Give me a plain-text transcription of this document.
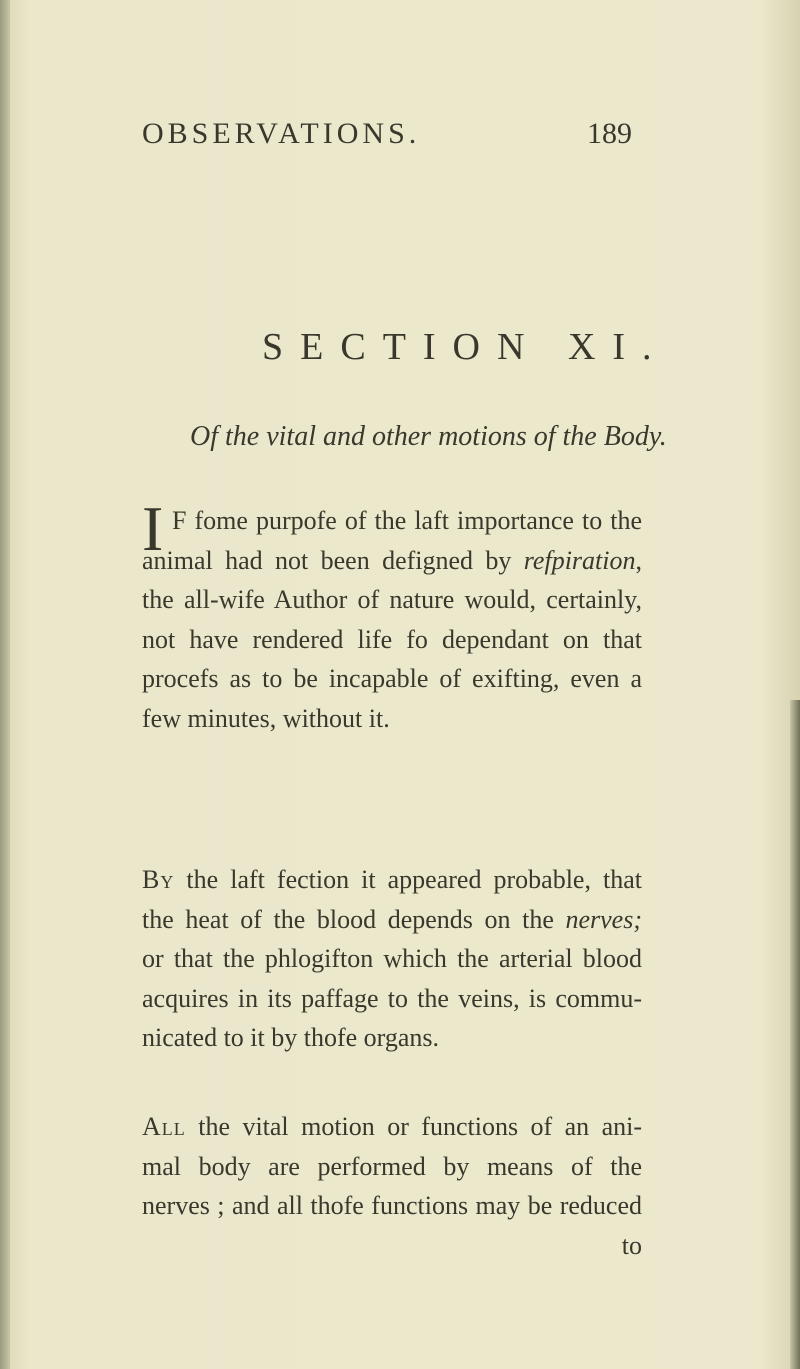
OBSERVATIONS.	189
SECTION XI.
Of the vital and other motions of the Body.
I F fome purpofe of the laft importance to the
animal had not been defigned by refpiration,
the all-wife Author of nature would, certainly,
not have rendered life fo dependant on that
procefs as to be incapable of exifting, even a
few minutes, without it.
By the laft fection it appeared probable, that
the heat of the blood depends on the nerves;
or that the phlogifton which the arterial blood
acquires in its paffage to the veins, is commu-
nicated to it by thofe organs.
All the vital motion or functions of an ani-
mal body are performed by means of the
nerves ; and all thofe functions may be reduced
to
